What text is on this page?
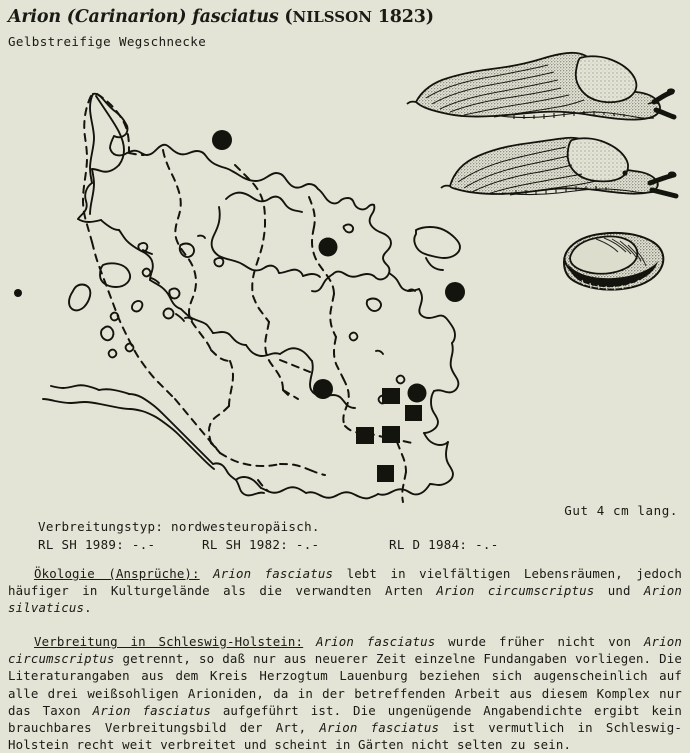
Arion (Carinarion) fasciatus (NILSSON 1823)
Gelbstreifige Wegschnecke
Gut 4 cm lang.
Verbreitungstyp: nordwesteuropäisch.
RL SH 1989: -.-	RL SH 1982: -.-	RL D 1984: -.-
Ökologie (Ansprüche): Arion fasciatus lebt in vielfältigen Lebensräumen, jedoch häufiger in Kulturgelände als die verwandten Arten Arion circumscriptus und Arion silvaticus.
Verbreitung in Schleswig-Holstein: Arion fasciatus wurde früher nicht von Arion circumscriptus getrennt, so daß nur aus neuerer Zeit einzelne Fundangaben vorliegen. Die Literaturangaben aus dem Kreis Herzogtum Lauenburg beziehen sich augenscheinlich auf alle drei weißsohligen Arioniden, da in der betreffenden Arbeit aus diesem Komplex nur das Taxon Arion fasciatus aufgeführt ist. Die ungenügende Angabendichte ergibt kein brauchbares Verbreitungsbild der Art, Arion fasciatus ist vermutlich in Schleswig-Holstein recht weit verbreitet und scheint in Gärten nicht selten zu sein.
